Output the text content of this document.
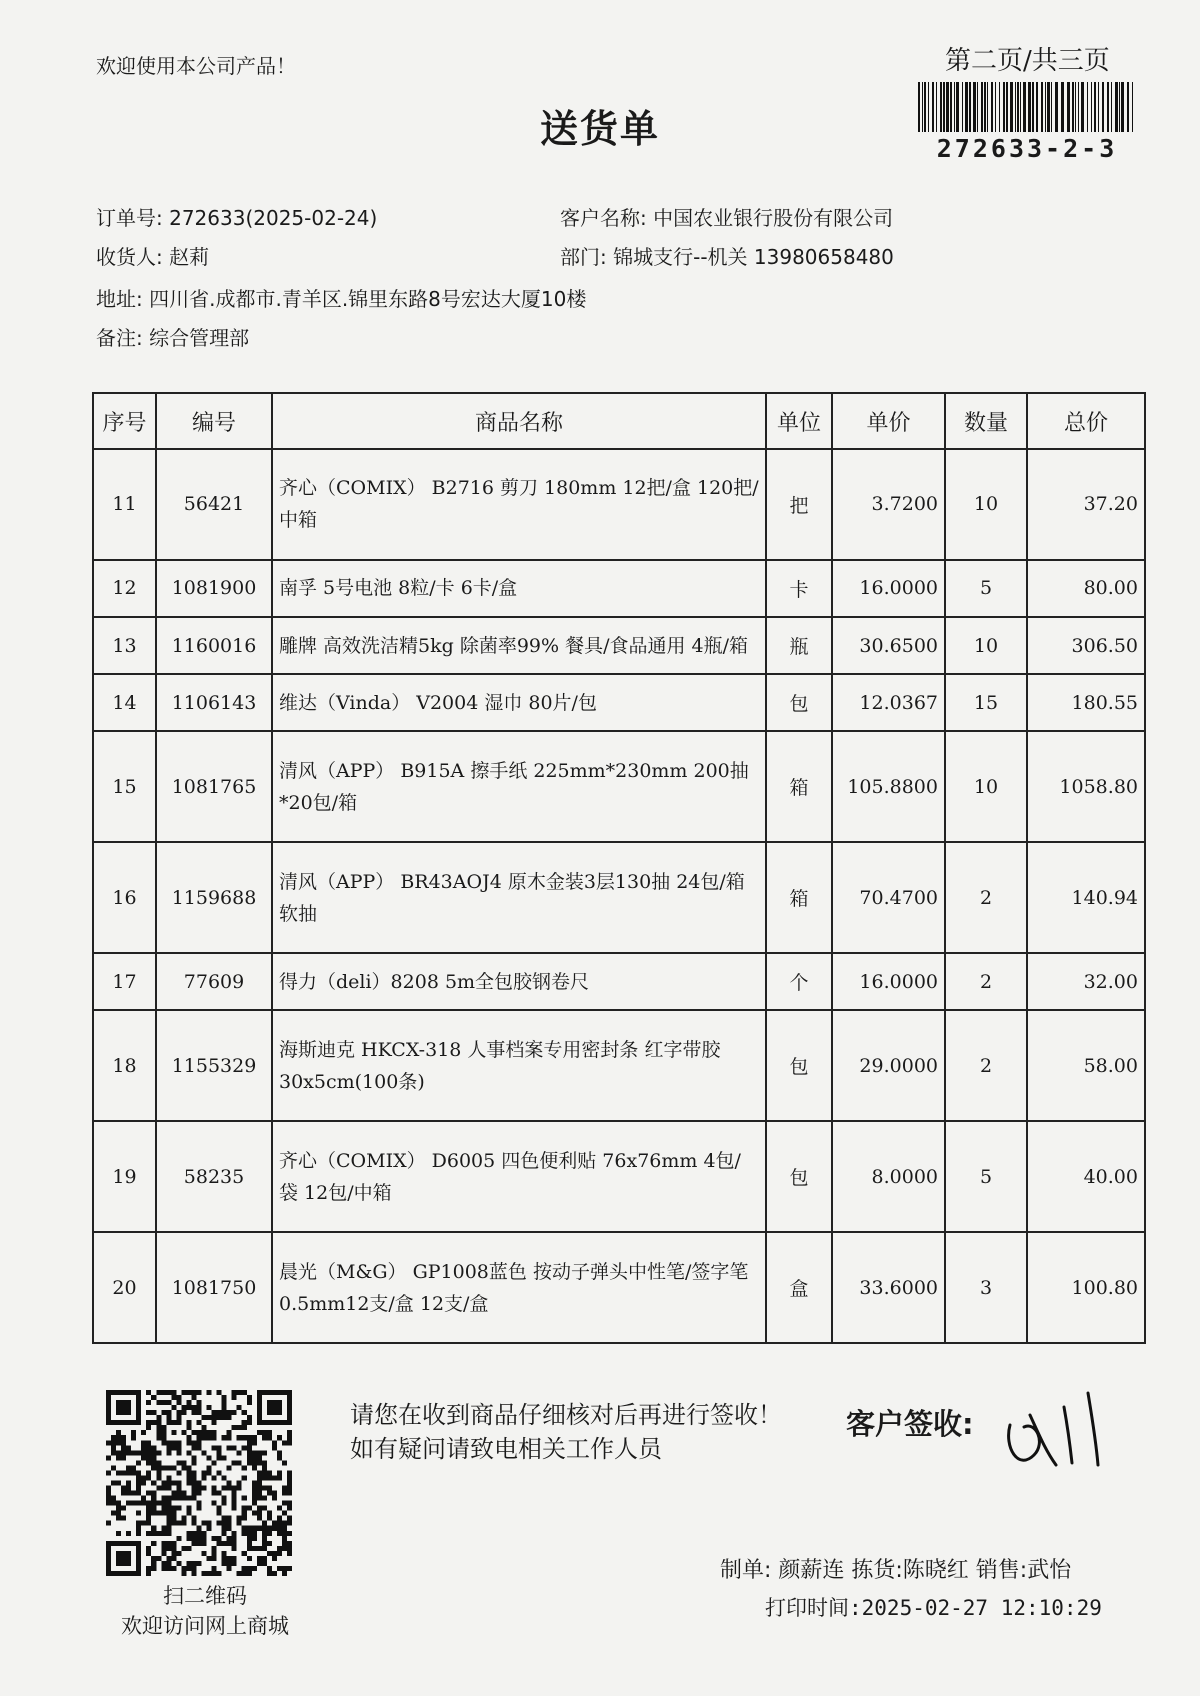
欢迎使用本公司产品！
送货单
第二页/共三页
272633-2-3
订单号: 272633(2025-02-24)
收货人: 赵莉
地址: 四川省.成都市.青羊区.锦里东路8号宏达大厦10楼
备注: 综合管理部
客户名称: 中国农业银行股份有限公司
部门: 锦城支行--机关 13980658480
序号	编号	商品名称	单位	单价	数量	总价
11	56421	齐心（COMIX） B2716 剪刀 180mm 12把/盒 120把/中箱	把	3.7200	10	37.20
12	1081900	南孚 5号电池 8粒/卡 6卡/盒	卡	16.0000	5	80.00
13	1160016	雕牌 高效洗洁精5kg 除菌率99% 餐具/食品通用 4瓶/箱	瓶	30.6500	10	306.50
14	1106143	维达（Vinda） V2004 湿巾 80片/包	包	12.0367	15	180.55
15	1081765	清风（APP） B915A 擦手纸 225mm*230mm 200抽*20包/箱	箱	105.8800	10	1058.80
16	1159688	清风（APP） BR43AOJ4 原木金装3层130抽 24包/箱 软抽	箱	70.4700	2	140.94
17	77609	得力（deli）8208 5m全包胶钢卷尺	个	16.0000	2	32.00
18	1155329	海斯迪克 HKCX-318 人事档案专用密封条 红字带胶30x5cm(100条)	包	29.0000	2	58.00
19	58235	齐心（COMIX） D6005 四色便利贴 76x76mm 4包/袋 12包/中箱	包	8.0000	5	40.00
20	1081750	晨光（M&G） GP1008蓝色 按动子弹头中性笔/签字笔0.5mm12支/盒 12支/盒	盒	33.6000	3	100.80
扫二维码
欢迎访问网上商城
请您在收到商品仔细核对后再进行签收！如有疑问请致电相关工作人员
客户签收:
制单: 颜薪连 拣货:陈晓红 销售:武怡
打印时间:2025-02-27 12:10:29
